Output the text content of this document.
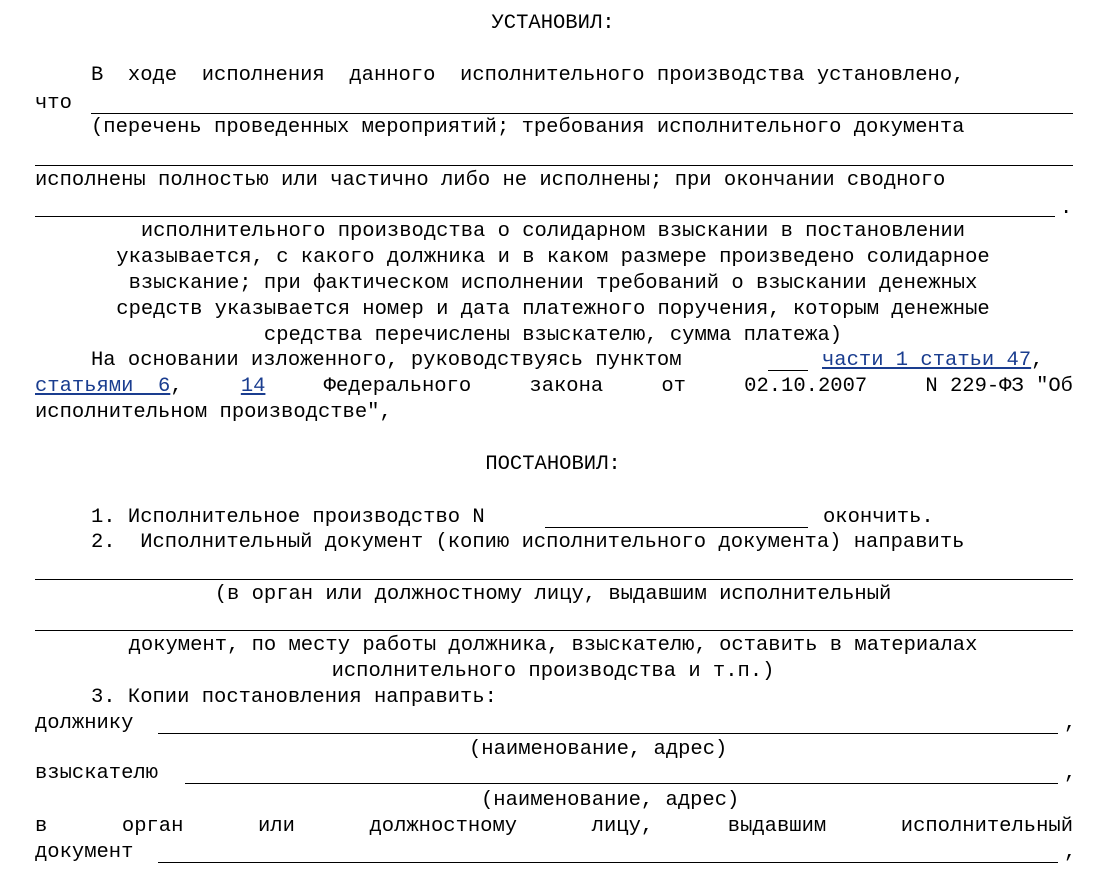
УСТАНОВИЛ:
В  ходе  исполнения  данного  исполнительного производства установлено,
что
(перечень проведенных мероприятий; требования исполнительного документа
исполнены полностью или частично либо не исполнены; при окончании сводного
.
исполнительного производства о солидарном взыскании в постановлении
указывается, с какого должника и в каком размере произведено солидарное
взыскание; при фактическом исполнении требований о взыскании денежных
средств указывается номер и дата платежного поручения, которым денежные
средства перечислены взыскателю, сумма платежа)
На основании изложенного, руководствуясь пунктом	части 1 статьи 47,
статьями  6,	14	Федерального	закона	от	02.10.2007	N 229-ФЗ "Об
исполнительном производстве",
ПОСТАНОВИЛ:
1. Исполнительное производство N	окончить.
2.  Исполнительный документ (копию исполнительного документа) направить
(в орган или должностному лицу, выдавшим исполнительный
документ, по месту работы должника, взыскателю, оставить в материалах
исполнительного производства и т.п.)
3. Копии постановления направить:
должнику	,
(наименование, адрес)
взыскателю	,
(наименование, адрес)
в	орган	или	должностному	лицу,	выдавшим	исполнительный
документ	,
